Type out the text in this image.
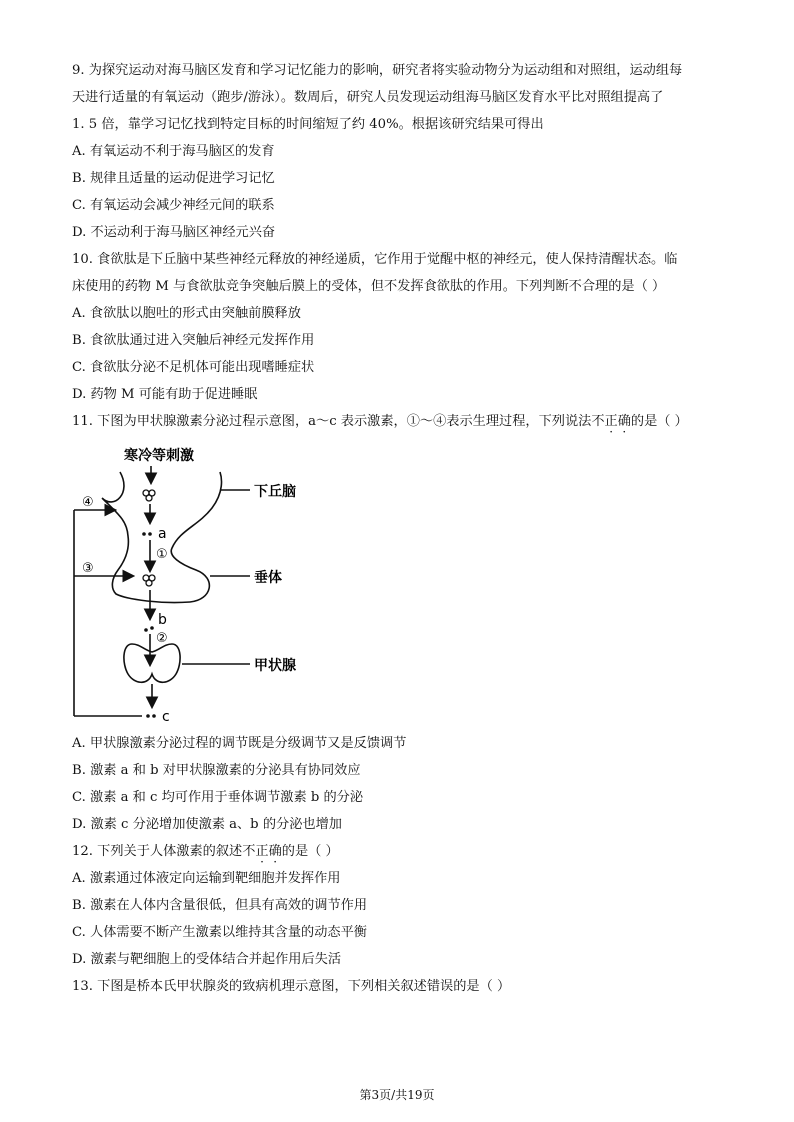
9. 为探究运动对海马脑区发育和学习记忆能力的影响，研究者将实验动物分为运动组和对照组，运动组每
天进行适量的有氧运动（跑步/游泳）。数周后，研究人员发现运动组海马脑区发育水平比对照组提高了
1. 5 倍，靠学习记忆找到特定目标的时间缩短了约 40%。根据该研究结果可得出
A. 有氧运动不利于海马脑区的发育
B. 规律且适量的运动促进学习记忆
C. 有氧运动会减少神经元间的联系
D. 不运动利于海马脑区神经元兴奋
10. 食欲肽是下丘脑中某些神经元释放的神经递质，它作用于觉醒中枢的神经元，使人保持清醒状态。临
床使用的药物 M 与食欲肽竞争突触后膜上的受体，但不发挥食欲肽的作用。下列判断不合理的是（ ）
A. 食欲肽以胞吐的形式由突触前膜释放
B. 食欲肽通过进入突触后神经元发挥作用
C. 食欲肽分泌不足机体可能出现嗜睡症状
D. 药物 M 可能有助于促进睡眠
11. 下图为甲状腺激素分泌过程示意图，a～c 表示激素，①～④表示生理过程，下列说法不正确的是（ ）
寒冷等刺激
下丘脑
a
①
垂体
b
②
甲状腺
c
④
③
A. 甲状腺激素分泌过程的调节既是分级调节又是反馈调节
B. 激素 a 和 b 对甲状腺激素的分泌具有协同效应
C. 激素 a 和 c 均可作用于垂体调节激素 b 的分泌
D. 激素 c 分泌增加使激素 a、b 的分泌也增加
12. 下列关于人体激素的叙述不正确的是（ ）
A. 激素通过体液定向运输到靶细胞并发挥作用
B. 激素在人体内含量很低，但具有高效的调节作用
C. 人体需要不断产生激素以维持其含量的动态平衡
D. 激素与靶细胞上的受体结合并起作用后失活
13. 下图是桥本氏甲状腺炎的致病机理示意图，下列相关叙述错误的是（ ）
第3页/共19页
